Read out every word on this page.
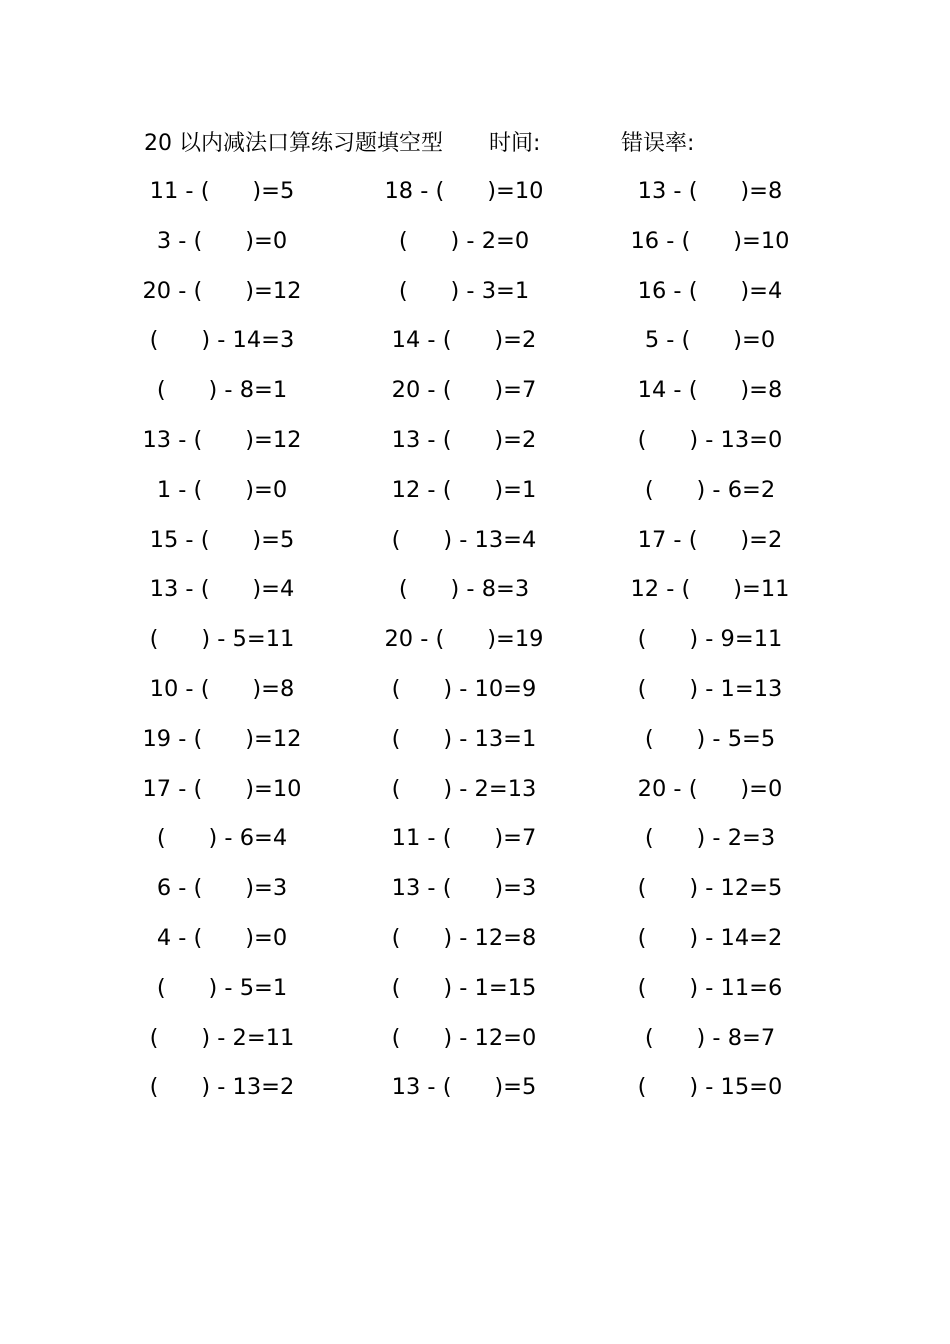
20 以内减法口算练习题填空型 时间:	错误率:
11 - (      )=5
3 - (      )=0
20 - (      )=12
(      ) - 14=3
(      ) - 8=1
13 - (      )=12
1 - (      )=0
15 - (      )=5
13 - (      )=4
(      ) - 5=11
10 - (      )=8
19 - (      )=12
17 - (      )=10
(      ) - 6=4
6 - (      )=3
4 - (      )=0
(      ) - 5=1
(      ) - 2=11
(      ) - 13=2
18 - (      )=10
(      ) - 2=0
(      ) - 3=1
14 - (      )=2
20 - (      )=7
13 - (      )=2
12 - (      )=1
(      ) - 13=4
(      ) - 8=3
20 - (      )=19
(      ) - 10=9
(      ) - 13=1
(      ) - 2=13
11 - (      )=7
13 - (      )=3
(      ) - 12=8
(      ) - 1=15
(      ) - 12=0
13 - (      )=5
13 - (      )=8
16 - (      )=10
16 - (      )=4
5 - (      )=0
14 - (      )=8
(      ) - 13=0
(      ) - 6=2
17 - (      )=2
12 - (      )=11
(      ) - 9=11
(      ) - 1=13
(      ) - 5=5
20 - (      )=0
(      ) - 2=3
(      ) - 12=5
(      ) - 14=2
(      ) - 11=6
(      ) - 8=7
(      ) - 15=0
